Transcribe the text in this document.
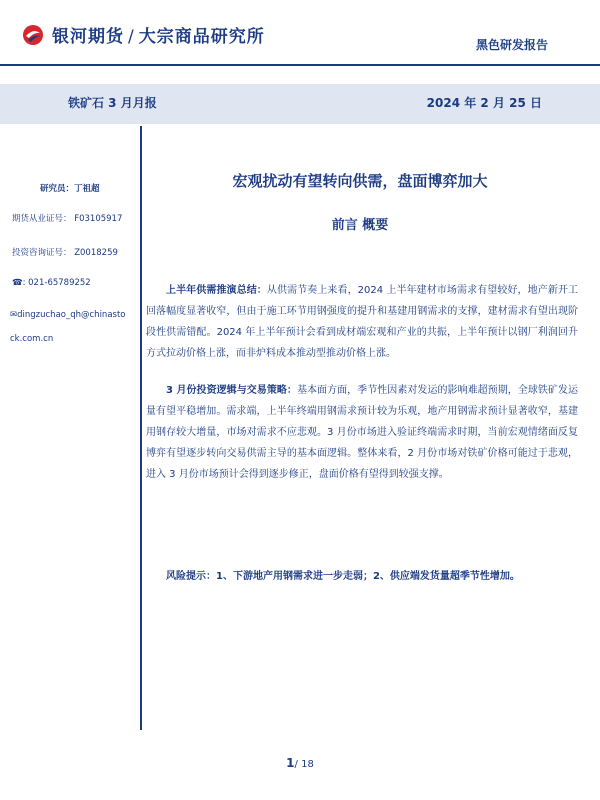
银河期货 / 大宗商品研究所	黑色研发报告
铁矿石 3 月月报	2024 年 2 月 25 日
研究员：丁祖超
期货从业证号： F03105917
投资咨询证号： Z0018259
☎: 021-65789252
✉dingzuchao_qh@chinasto
ck.com.cn
宏观扰动有望转向供需，盘面博弈加大
前言 概要
上半年供需推演总结：从供需节奏上来看，2024 上半年建材市场需求有望较好，地产新开工回落幅度显著收窄，但由于施工环节用钢强度的提升和基建用钢需求的支撑，建材需求有望出现阶段性供需错配。2024 年上半年预计会看到成材端宏观和产业的共振，上半年预计以钢厂利润回升方式拉动价格上涨，而非炉料成本推动型推动价格上涨。
3 月份投资逻辑与交易策略：基本面方面，季节性因素对发运的影响难超预期，全球铁矿发运量有望平稳增加。需求端，上半年终端用钢需求预计较为乐观，地产用钢需求预计显著收窄，基建用钢存较大增量，市场对需求不应悲观。3 月份市场进入验证终端需求时期，当前宏观情绪面反复博弈有望逐步转向交易供需主导的基本面逻辑。整体来看，2 月份市场对铁矿价格可能过于悲观，进入 3 月份市场预计会得到逐步修正，盘面价格有望得到较强支撑。
风险提示：1、下游地产用钢需求进一步走弱；2、供应端发货量超季节性增加。
1/ 18
